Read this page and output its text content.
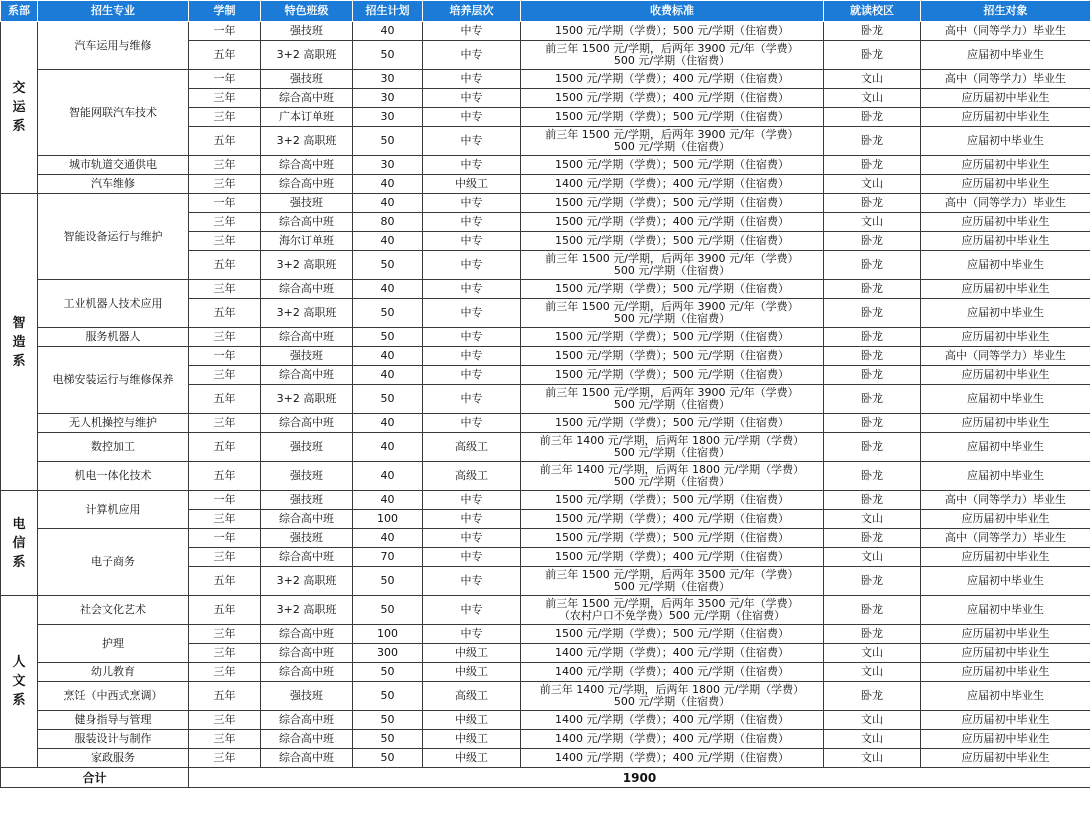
系部	招生专业	学制	特色班级	招生计划	培养层次	收费标准	就读校区	招生对象
交
运
系	汽车运用与维修	一年	强技班	40	中专	1500 元/学期（学费）；500 元/学期（住宿费）	卧龙	高中（同等学力）毕业生
		五年	3+2 高职班	50	中专	前三年 1500 元/学期，后两年 3900 元/年（学费）
500 元/学期（住宿费）	卧龙	应届初中毕业生
	智能网联汽车技术	一年	强技班	30	中专	1500 元/学期（学费）；400 元/学期（住宿费）	文山	高中（同等学力）毕业生
		三年	综合高中班	30	中专	1500 元/学期（学费）；400 元/学期（住宿费）	文山	应历届初中毕业生
		三年	广本订单班	30	中专	1500 元/学期（学费）；500 元/学期（住宿费）	卧龙	应历届初中毕业生
		五年	3+2 高职班	50	中专	前三年 1500 元/学期，后两年 3900 元/年（学费）
500 元/学期（住宿费）	卧龙	应届初中毕业生
	城市轨道交通供电	三年	综合高中班	30	中专	1500 元/学期（学费）；500 元/学期（住宿费）	卧龙	应历届初中毕业生
	汽车维修	三年	综合高中班	40	中级工	1400 元/学期（学费）；400 元/学期（住宿费）	文山	应历届初中毕业生
智
造
系	智能设备运行与维护	一年	强技班	40	中专	1500 元/学期（学费）；500 元/学期（住宿费）	卧龙	高中（同等学力）毕业生
		三年	综合高中班	80	中专	1500 元/学期（学费）；400 元/学期（住宿费）	文山	应历届初中毕业生
		三年	海尔订单班	40	中专	1500 元/学期（学费）；500 元/学期（住宿费）	卧龙	应历届初中毕业生
		五年	3+2 高职班	50	中专	前三年 1500 元/学期，后两年 3900 元/年（学费）
500 元/学期（住宿费）	卧龙	应届初中毕业生
	工业机器人技术应用	三年	综合高中班	40	中专	1500 元/学期（学费）；500 元/学期（住宿费）	卧龙	应历届初中毕业生
		五年	3+2 高职班	50	中专	前三年 1500 元/学期，后两年 3900 元/年（学费）
500 元/学期（住宿费）	卧龙	应届初中毕业生
	服务机器人	三年	综合高中班	50	中专	1500 元/学期（学费）；500 元/学期（住宿费）	卧龙	应历届初中毕业生
	电梯安装运行与维修保养	一年	强技班	40	中专	1500 元/学期（学费）；500 元/学期（住宿费）	卧龙	高中（同等学力）毕业生
		三年	综合高中班	40	中专	1500 元/学期（学费）；500 元/学期（住宿费）	卧龙	应历届初中毕业生
		五年	3+2 高职班	50	中专	前三年 1500 元/学期，后两年 3900 元/年（学费）
500 元/学期（住宿费）	卧龙	应届初中毕业生
	无人机操控与维护	三年	综合高中班	40	中专	1500 元/学期（学费）；500 元/学期（住宿费）	卧龙	应历届初中毕业生
	数控加工	五年	强技班	40	高级工	前三年 1400 元/学期，后两年 1800 元/学期（学费）
500 元/学期（住宿费）	卧龙	应届初中毕业生
	机电一体化技术	五年	强技班	40	高级工	前三年 1400 元/学期，后两年 1800 元/学期（学费）
500 元/学期（住宿费）	卧龙	应届初中毕业生
电
信
系	计算机应用	一年	强技班	40	中专	1500 元/学期（学费）；500 元/学期（住宿费）	卧龙	高中（同等学力）毕业生
		三年	综合高中班	100	中专	1500 元/学期（学费）；400 元/学期（住宿费）	文山	应历届初中毕业生
	电子商务	一年	强技班	40	中专	1500 元/学期（学费）；500 元/学期（住宿费）	卧龙	高中（同等学力）毕业生
		三年	综合高中班	70	中专	1500 元/学期（学费）；400 元/学期（住宿费）	文山	应历届初中毕业生
		五年	3+2 高职班	50	中专	前三年 1500 元/学期，后两年 3500 元/年（学费）
500 元/学期（住宿费）	卧龙	应届初中毕业生
人
文
系	社会文化艺术	五年	3+2 高职班	50	中专	前三年 1500 元/学期，后两年 3500 元/年（学费）
（农村户口不免学费）500 元/学期（住宿费）	卧龙	应届初中毕业生
	护理	三年	综合高中班	100	中专	1500 元/学期（学费）；500 元/学期（住宿费）	卧龙	应历届初中毕业生
		三年	综合高中班	300	中级工	1400 元/学期（学费）；400 元/学期（住宿费）	文山	应历届初中毕业生
	幼儿教育	三年	综合高中班	50	中级工	1400 元/学期（学费）；400 元/学期（住宿费）	文山	应历届初中毕业生
	烹饪（中西式烹调）	五年	强技班	50	高级工	前三年 1400 元/学期，后两年 1800 元/学期（学费）
500 元/学期（住宿费）	卧龙	应届初中毕业生
	健身指导与管理	三年	综合高中班	50	中级工	1400 元/学期（学费）；400 元/学期（住宿费）	文山	应历届初中毕业生
	服装设计与制作	三年	综合高中班	50	中级工	1400 元/学期（学费）；400 元/学期（住宿费）	文山	应历届初中毕业生
	家政服务	三年	综合高中班	50	中级工	1400 元/学期（学费）；400 元/学期（住宿费）	文山	应历届初中毕业生
合计		1900						
